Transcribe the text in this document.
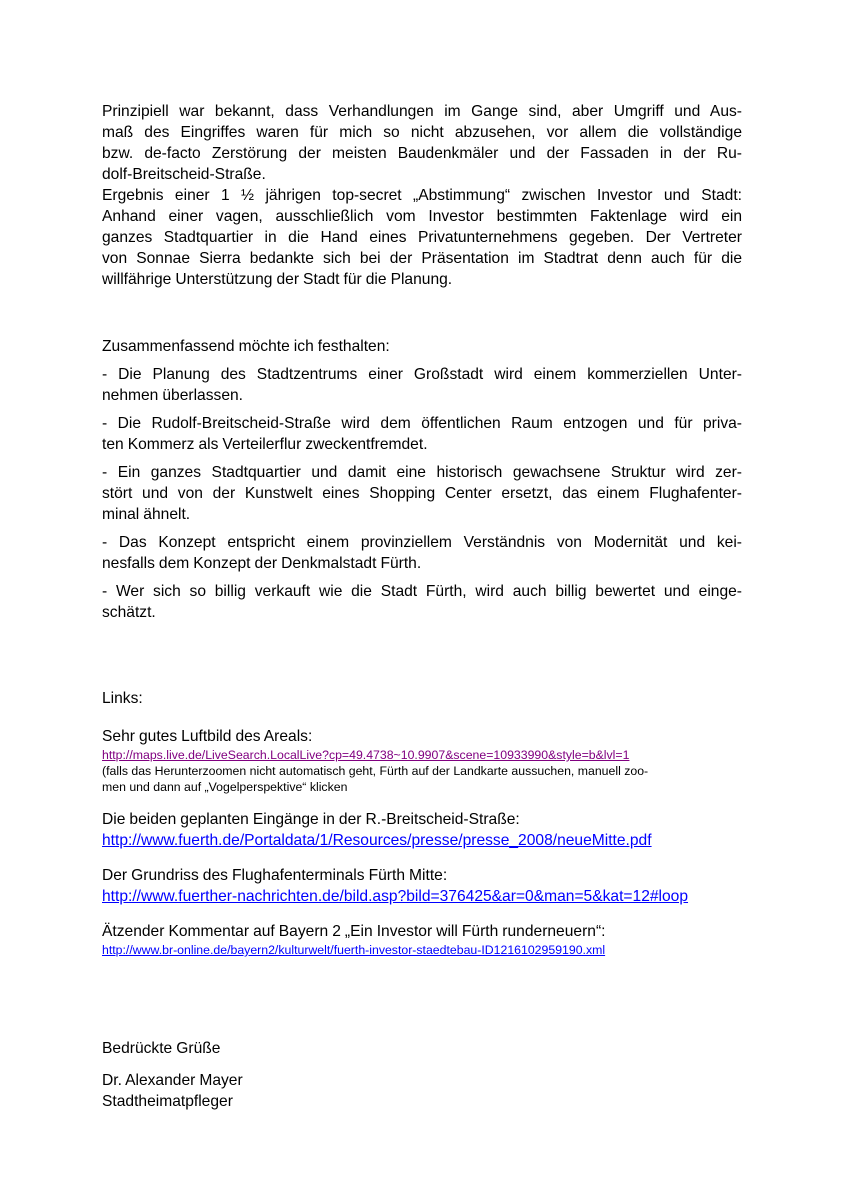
Prinzipiell war bekannt, dass Verhandlungen im Gange sind, aber Umgriff und Aus-
maß des Eingriffes waren für mich so nicht abzusehen, vor allem die vollständige
bzw. de-facto Zerstörung der meisten Baudenkmäler und der Fassaden in der Ru-
dolf-Breitscheid-Straße.
Ergebnis einer 1 ½ jährigen top-secret „Abstimmung“ zwischen Investor und Stadt:
Anhand einer vagen, ausschließlich vom Investor bestimmten Faktenlage wird ein
ganzes Stadtquartier in die Hand eines Privatunternehmens gegeben. Der Vertreter
von Sonnae Sierra bedankte sich bei der Präsentation im Stadtrat denn auch für die
willfährige Unterstützung der Stadt für die Planung.

Zusammenfassend möchte ich festhalten:

- Die Planung des Stadtzentrums einer Großstadt wird einem kommerziellen Unter-
nehmen überlassen.

- Die Rudolf-Breitscheid-Straße wird dem öffentlichen Raum entzogen und für priva-
ten Kommerz als Verteilerflur zweckentfremdet.

- Ein ganzes Stadtquartier und damit eine historisch gewachsene Struktur wird zer-
stört und von der Kunstwelt eines Shopping Center ersetzt, das einem Flughafenter-
minal ähnelt.

- Das Konzept entspricht einem provinziellem Verständnis von Modernität und kei-
nesfalls dem Konzept der Denkmalstadt Fürth.

- Wer sich so billig verkauft wie die Stadt Fürth, wird auch billig bewertet und einge-
schätzt.

Links:

Sehr gutes Luftbild des Areals:

http://maps.live.de/LiveSearch.LocalLive?cp=49.4738~10.9907&scene=10933990&style=b&lvl=1

(falls das Herunterzoomen nicht automatisch geht, Fürth auf der Landkarte aussuchen, manuell zoo-
men und dann auf „Vogelperspektive“ klicken

Die beiden geplanten Eingänge in der R.-Breitscheid-Straße:

http://www.fuerth.de/Portaldata/1/Resources/presse/presse_2008/neueMitte.pdf

Der Grundriss des Flughafenterminals Fürth Mitte:

http://www.fuerther-nachrichten.de/bild.asp?bild=376425&ar=0&man=5&kat=12#loop

Ätzender Kommentar auf Bayern 2 „Ein Investor will Fürth runderneuern“:

http://www.br-online.de/bayern2/kulturwelt/fuerth-investor-staedtebau-ID1216102959190.xml

Bedrückte Grüße

Dr. Alexander Mayer
Stadtheimatpfleger
